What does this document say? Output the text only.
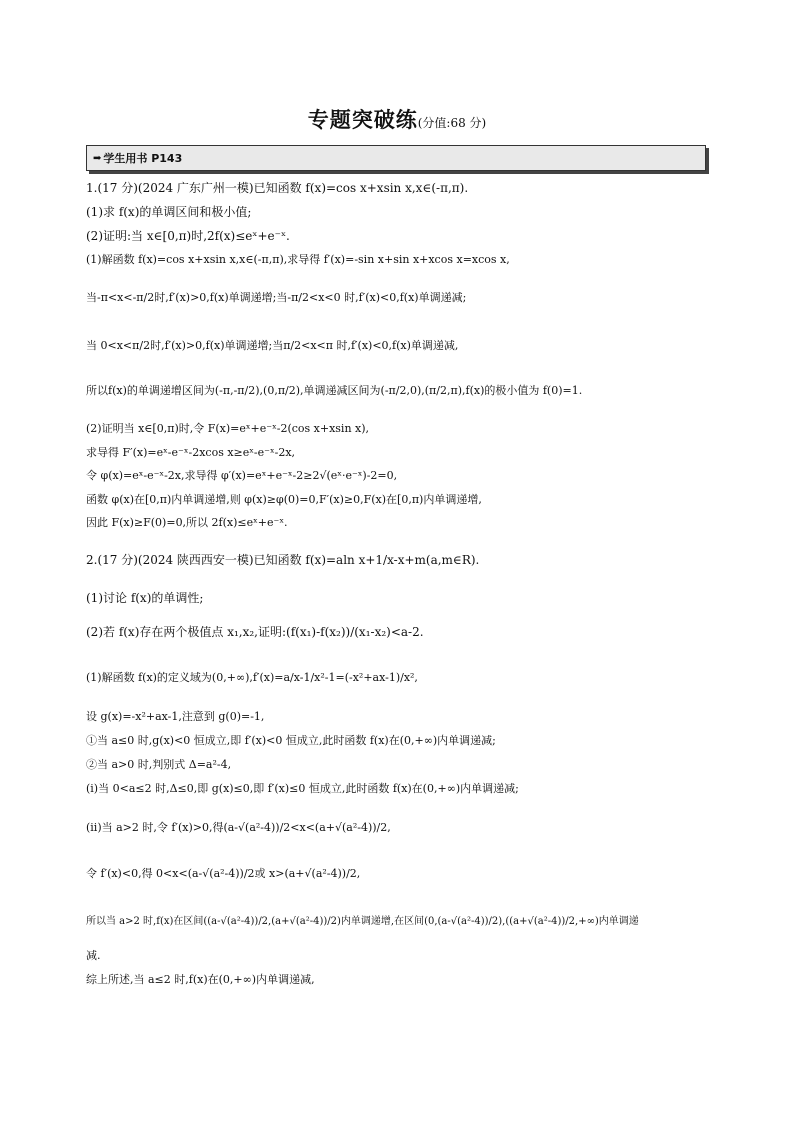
专题突破练(分值:68 分)
➡ 学生用书 P143
1.(17 分)(2024 广东广州一模)已知函数 f(x)=cos x+xsin x,x∈(-π,π).
(1)求 f(x)的单调区间和极小值;
(2)证明:当 x∈[0,π)时,2f(x)≤eˣ+e⁻ˣ.
(1)解函数 f(x)=cos x+xsin x,x∈(-π,π),求导得 f′(x)=-sin x+sin x+xcos x=xcos x,
当-π<x<-π/2时,f′(x)>0,f(x)单调递增;当-π/2<x<0 时,f′(x)<0,f(x)单调递减;
当 0<x<π/2时,f′(x)>0,f(x)单调递增;当π/2<x<π 时,f′(x)<0,f(x)单调递减,
所以f(x)的单调递增区间为(-π,-π/2),(0,π/2),单调递减区间为(-π/2,0),(π/2,π),f(x)的极小值为 f(0)=1.
(2)证明当 x∈[0,π)时,令 F(x)=eˣ+e⁻ˣ-2(cos x+xsin x),
求导得 F′(x)=eˣ-e⁻ˣ-2xcos x≥eˣ-e⁻ˣ-2x,
令 φ(x)=eˣ-e⁻ˣ-2x,求导得 φ′(x)=eˣ+e⁻ˣ-2≥2√(eˣ·e⁻ˣ)-2=0,
函数 φ(x)在[0,π)内单调递增,则 φ(x)≥φ(0)=0,F′(x)≥0,F(x)在[0,π)内单调递增,
因此 F(x)≥F(0)=0,所以 2f(x)≤eˣ+e⁻ˣ.
2.(17 分)(2024 陕西西安一模)已知函数 f(x)=aln x+1/x-x+m(a,m∈R).
(1)讨论 f(x)的单调性;
(2)若 f(x)存在两个极值点 x₁,x₂,证明:(f(x₁)-f(x₂))/(x₁-x₂)<a-2.
(1)解函数 f(x)的定义域为(0,+∞),f′(x)=a/x-1/x²-1=(-x²+ax-1)/x²,
设 g(x)=-x²+ax-1,注意到 g(0)=-1,
①当 a≤0 时,g(x)<0 恒成立,即 f′(x)<0 恒成立,此时函数 f(x)在(0,+∞)内单调递减;
②当 a>0 时,判别式 Δ=a²-4,
(ⅰ)当 0<a≤2 时,Δ≤0,即 g(x)≤0,即 f′(x)≤0 恒成立,此时函数 f(x)在(0,+∞)内单调递减;
(ⅱ)当 a>2 时,令 f′(x)>0,得(a-√(a²-4))/2<x<(a+√(a²-4))/2,
令 f′(x)<0,得 0<x<(a-√(a²-4))/2或 x>(a+√(a²-4))/2,
所以当 a>2 时,f(x)在区间((a-√(a²-4))/2,(a+√(a²-4))/2)内单调递增,在区间(0,(a-√(a²-4))/2),((a+√(a²-4))/2,+∞)内单调递
减.
综上所述,当 a≤2 时,f(x)在(0,+∞)内单调递减,
